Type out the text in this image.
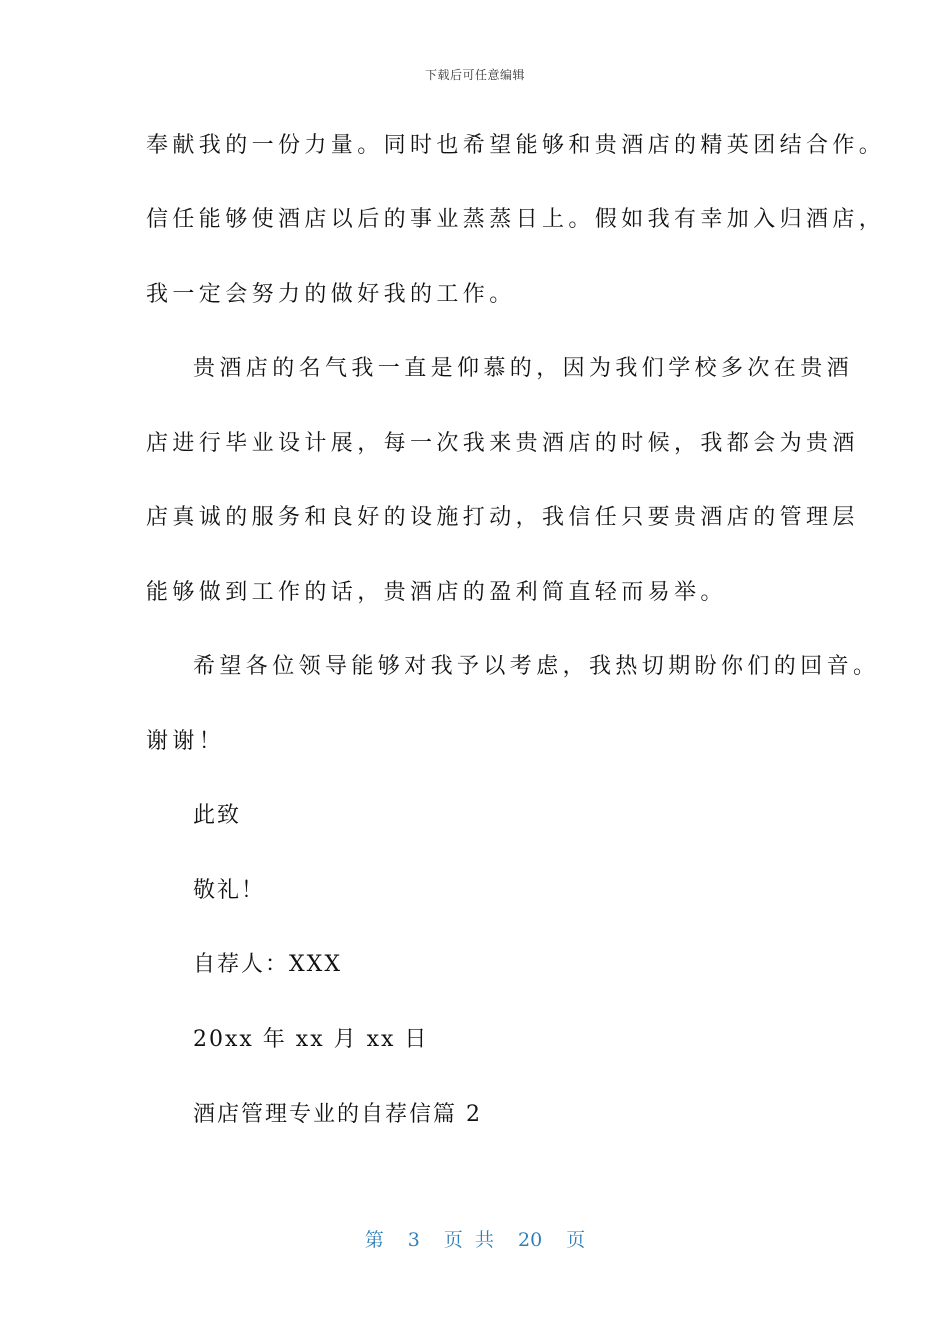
下载后可任意编辑
奉献我的一份力量。同时也希望能够和贵酒店的精英团结合作。
信任能够使酒店以后的事业蒸蒸日上。假如我有幸加入归酒店，
我一定会努力的做好我的工作。
贵酒店的名气我一直是仰慕的，因为我们学校多次在贵酒
店进行毕业设计展，每一次我来贵酒店的时候，我都会为贵酒
店真诚的服务和良好的设施打动，我信任只要贵酒店的管理层
能够做到工作的话，贵酒店的盈利简直轻而易举。
希望各位领导能够对我予以考虑，我热切期盼你们的回音。
谢谢！
此致
敬礼！
自荐人：XXX
20xx 年 xx 月 xx 日
酒店管理专业的自荐信篇 2
第 3 页 共 20 页
